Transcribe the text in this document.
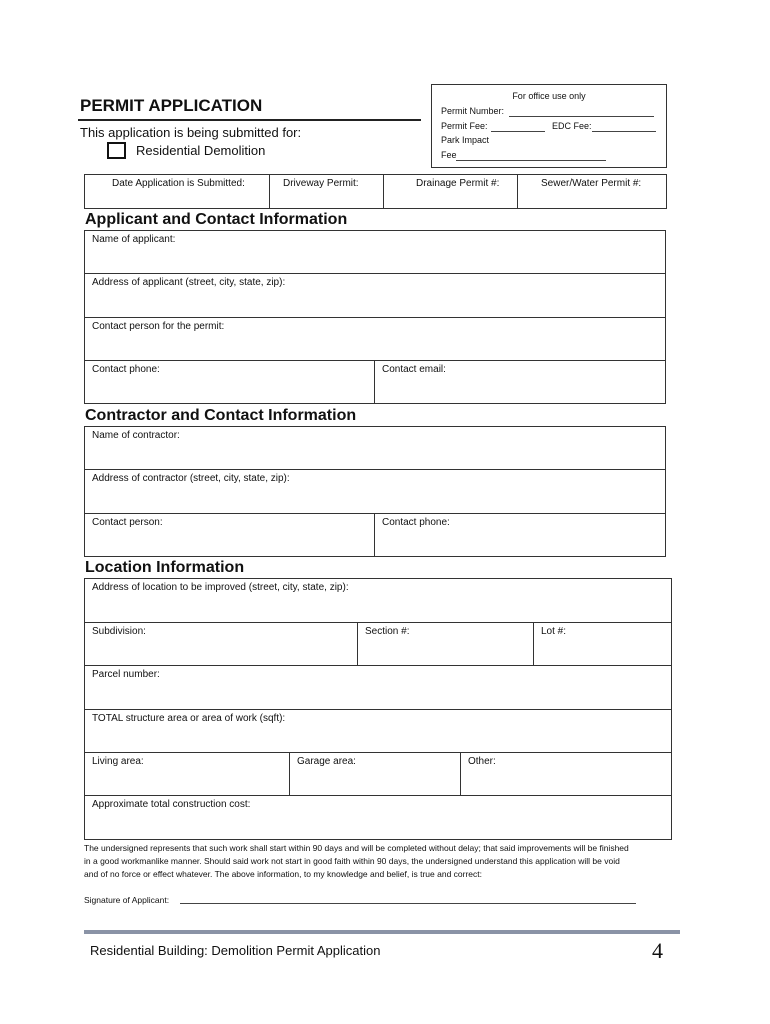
PERMIT APPLICATION
This application is being submitted for:
Residential Demolition
For office use only
Permit Number:
Permit Fee:	EDC Fee:
Park Impact
Fee
Date Application is Submitted:	Driveway Permit:	Drainage Permit #:	Sewer/Water Permit #:
Applicant and Contact Information
Name of applicant:
Address of applicant (street, city, state, zip):
Contact person for the permit:
Contact phone:	Contact email:
Contractor and Contact Information
Name of contractor:
Address of contractor (street, city, state, zip):
Contact person:	Contact phone:
Location Information
Address of location to be improved (street, city, state, zip):
Subdivision:	Section #:	Lot #:
Parcel number:
TOTAL structure area or area of work (sqft):
Living area:	Garage area:	Other:
Approximate total construction cost:
The undersigned represents that such work shall start within 90 days and will be completed without delay; that said improvements will be finished
in a good workmanlike manner. Should said work not start in good faith within 90 days, the undersigned understand this application will be void
and of no force or effect whatever. The above information, to my knowledge and belief, is true and correct:
Signature of Applicant:
Residential Building: Demolition Permit Application	4
